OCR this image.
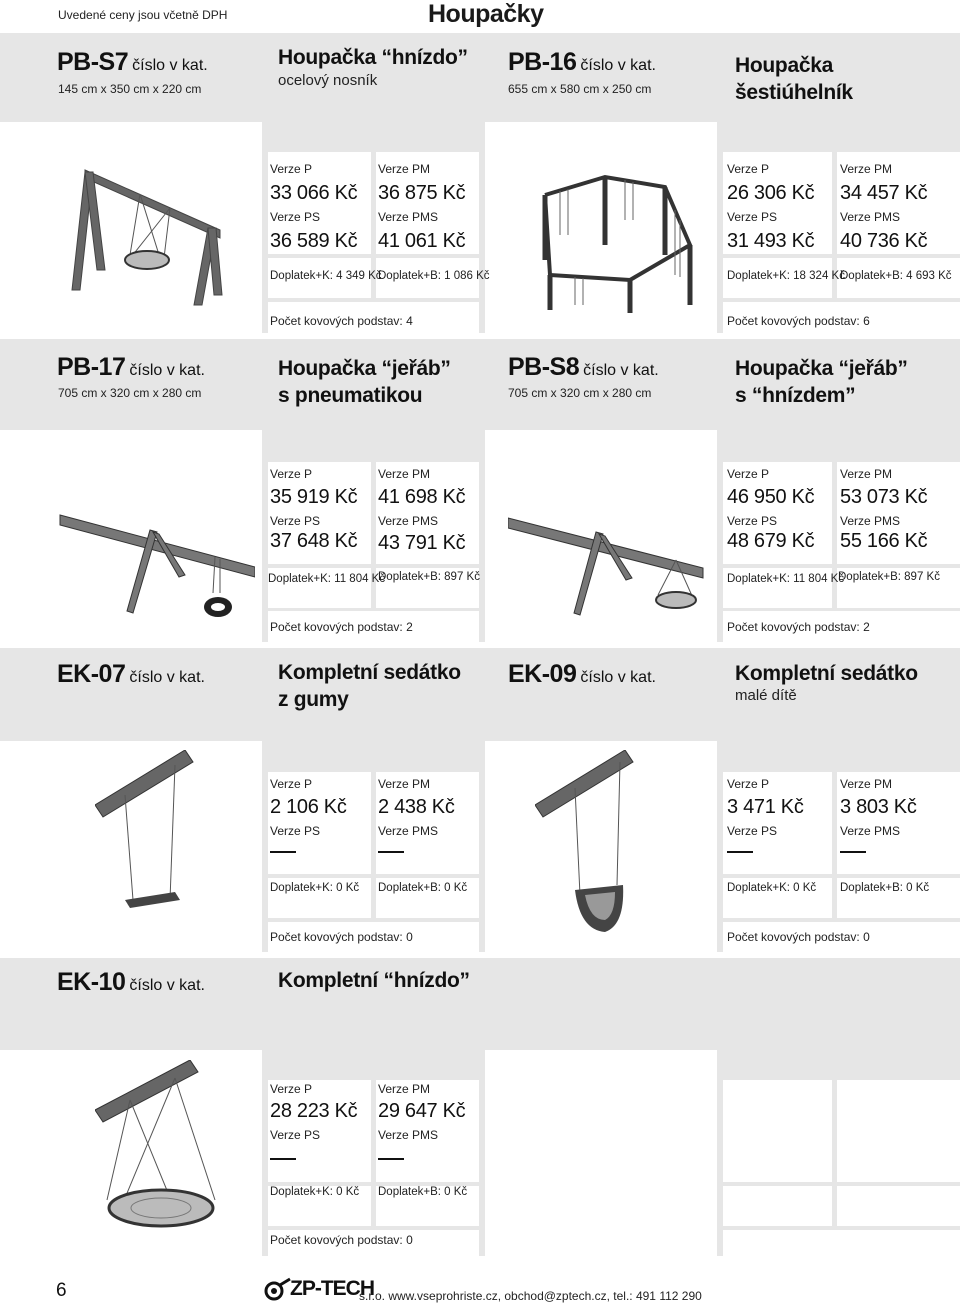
Uvedené ceny jsou včetně DPH	Houpačky
PB-S7 číslo v kat.
145 cm x 350 cm x 220 cm
Houpačka “hnízdo”
ocelový nosník
PB-16 číslo v kat.
655 cm x 580 cm x 250 cm
Houpačka
šestiúhelník
Verze P
33 066 Kč
Verze PM
36 875 Kč
Verze PS
36 589 Kč
Verze PMS
41 061 Kč
Doplatek+K: 4 349 Kč
Doplatek+B: 1 086 Kč
Počet kovových podstav: 4
Verze P
26 306 Kč
Verze PM
34 457 Kč
Verze PS
31 493 Kč
Verze PMS
40 736 Kč
Doplatek+K: 18 324 Kč
Doplatek+B: 4 693 Kč
Počet kovových podstav: 6
PB-17 číslo v kat.
705 cm x 320 cm x 280 cm
Houpačka “jeřáb”
s pneumatikou
PB-S8 číslo v kat.
705 cm x 320 cm x 280 cm
Houpačka “jeřáb”
s “hnízdem”
Verze P
35 919 Kč
Verze PM
41 698 Kč
Verze PS
37 648 Kč
Verze PMS
43 791 Kč
Doplatek+K: 11 804 Kč
Doplatek+B: 897 Kč
Počet kovových podstav: 2
Verze P
46 950 Kč
Verze PM
53 073 Kč
Verze PS
48 679 Kč
Verze PMS
55 166 Kč
Doplatek+K: 11 804 Kč
Doplatek+B: 897 Kč
Počet kovových podstav: 2
EK-07 číslo v kat.	Kompletní sedátko
z gumy
EK-09 číslo v kat.	Kompletní sedátko
malé dítě
Verze P
2 106 Kč
Verze PM
2 438 Kč
Verze PS	Verze PMS
Doplatek+K: 0 Kč Doplatek+B: 0 Kč
Počet kovových podstav: 0
Verze P
3 471 Kč
Verze PM
3 803 Kč
Verze PS	Verze PMS
Doplatek+K: 0 Kč Doplatek+B: 0 Kč
Počet kovových podstav: 0
EK-10 číslo v kat.	Kompletní “hnízdo”
Verze P
28 223 Kč
Verze PM
29 647 Kč
Verze PS	Verze PMS
Doplatek+K: 0 Kč Doplatek+B: 0 Kč
Počet kovových podstav: 0
6	ZP-TECH
s.r.o. www.vseprohriste.cz, obchod@zptech.cz, tel.: 491 112 290
